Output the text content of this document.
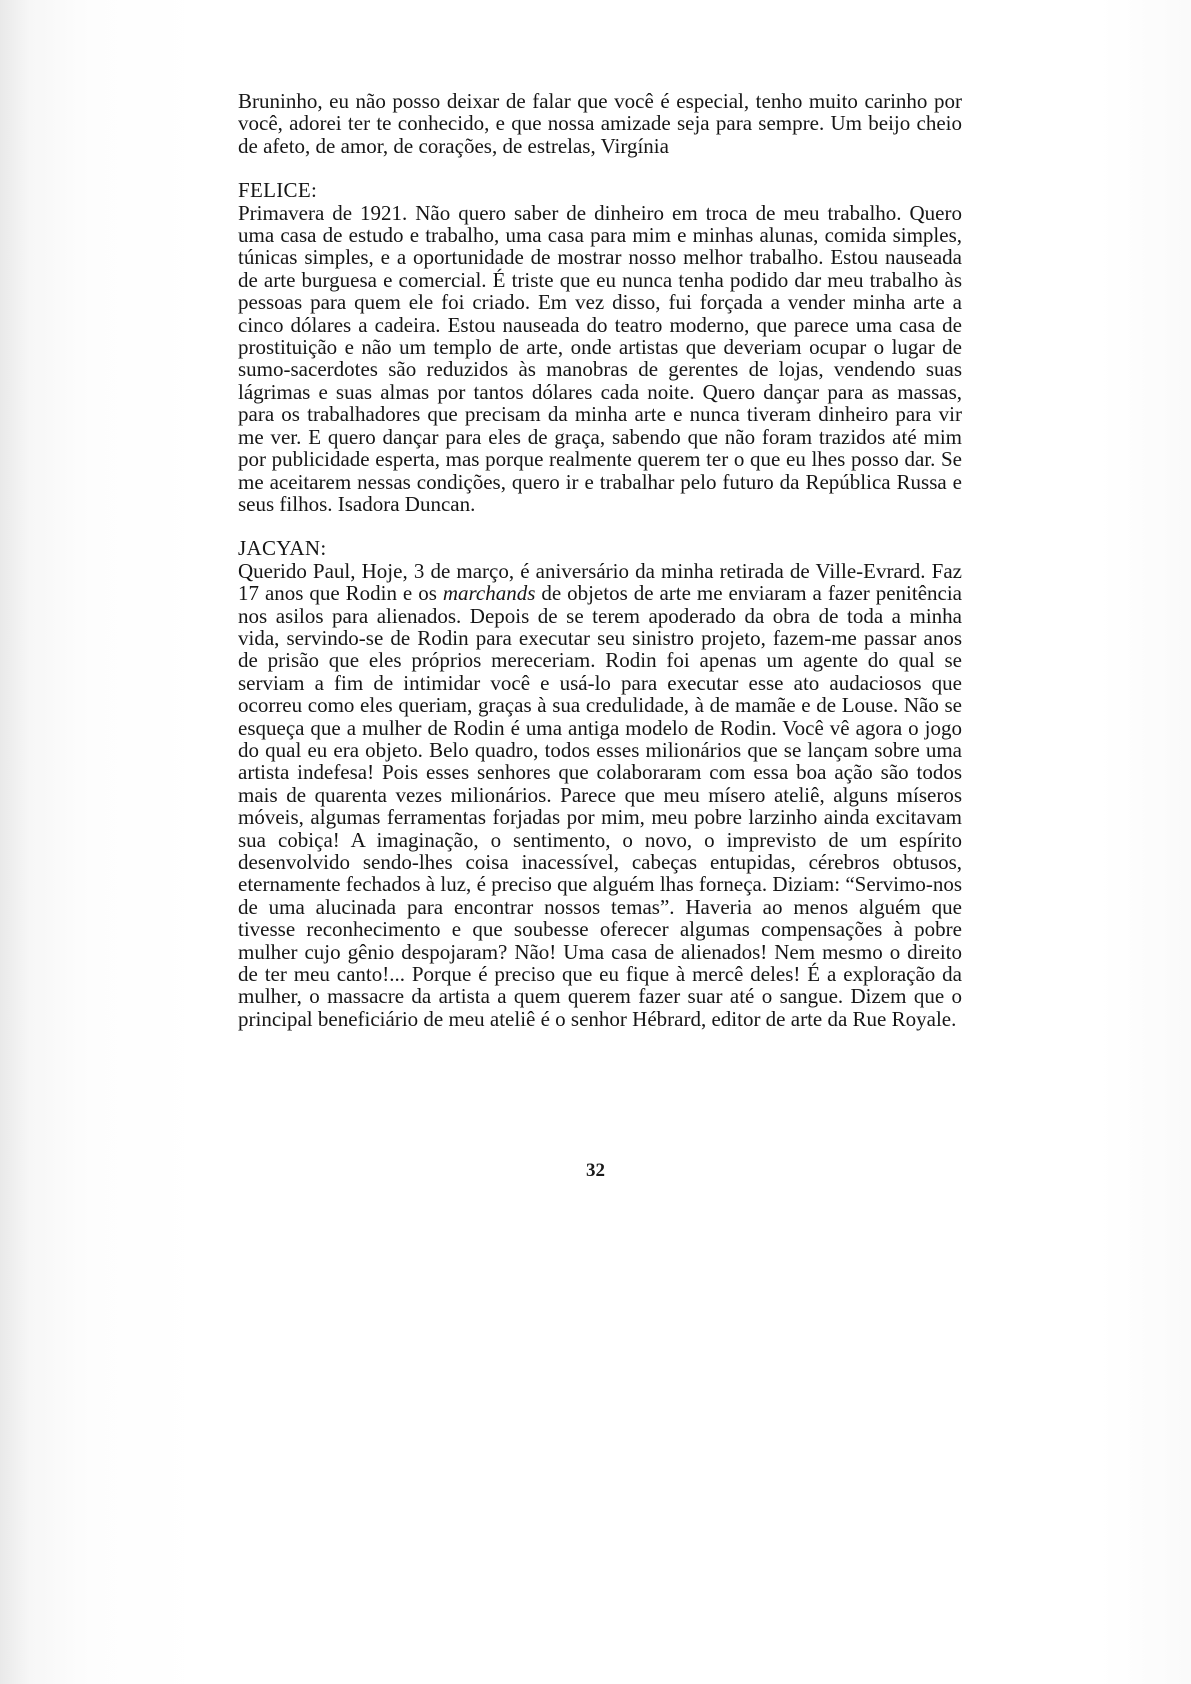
Bruninho, eu não posso deixar de falar que você é especial, tenho muito carinho por você, adorei ter te conhecido, e que nossa amizade seja para sempre. Um beijo cheio de afeto, de amor, de corações, de estrelas, Virgínia

FELICE:

Primavera de 1921. Não quero saber de dinheiro em troca de meu trabalho. Quero uma casa de estudo e trabalho, uma casa para mim e minhas alunas, comida simples, túnicas simples, e a oportunidade de mostrar nosso melhor trabalho. Estou nauseada de arte burguesa e comercial. É triste que eu nunca tenha podido dar meu trabalho às pessoas para quem ele foi criado. Em vez disso, fui forçada a vender minha arte a cinco dólares a cadeira. Estou nauseada do teatro moderno, que parece uma casa de prostituição e não um templo de arte, onde artistas que deveriam ocupar o lugar de sumo-sacerdotes são reduzidos às manobras de gerentes de lojas, vendendo suas lágrimas e suas almas por tantos dólares cada noite. Quero dançar para as massas, para os trabalhadores que precisam da minha arte e nunca tiveram dinheiro para vir me ver. E quero dançar para eles de graça, sabendo que não foram trazidos até mim por publicidade esperta, mas porque realmente querem ter o que eu lhes posso dar. Se me aceitarem nessas condições, quero ir e trabalhar pelo futuro da República Russa e seus filhos. Isadora Duncan.

JACYAN:

Querido Paul, Hoje, 3 de março, é aniversário da minha retirada de Ville-Evrard. Faz 17 anos que Rodin e os marchands de objetos de arte me enviaram a fazer penitência nos asilos para alienados. Depois de se terem apoderado da obra de toda a minha vida, servindo-se de Rodin para executar seu sinistro projeto, fazem-me passar anos de prisão que eles próprios mereceriam. Rodin foi apenas um agente do qual se serviam a fim de intimidar você e usá-lo para executar esse ato audaciosos que ocorreu como eles queriam, graças à sua credulidade, à de mamãe e de Louse. Não se esqueça que a mulher de Rodin é uma antiga modelo de Rodin. Você vê agora o jogo do qual eu era objeto. Belo quadro, todos esses milionários que se lançam sobre uma artista indefesa! Pois esses senhores que colaboraram com essa boa ação são todos mais de quarenta vezes milionários. Parece que meu mísero ateliê, alguns míseros móveis, algumas ferramentas forjadas por mim, meu pobre larzinho ainda excitavam sua cobiça! A imaginação, o sentimento, o novo, o imprevisto de um espírito desenvolvido sendo-lhes coisa inacessível, cabeças entupidas, cérebros obtusos, eternamente fechados à luz, é preciso que alguém lhas forneça. Diziam: “Servimo-nos de uma alucinada para encontrar nossos temas”. Haveria ao menos alguém que tivesse reconhecimento e que soubesse oferecer algumas compensações à pobre mulher cujo gênio despojaram? Não! Uma casa de alienados! Nem mesmo o direito de ter meu canto!... Porque é preciso que eu fique à mercê deles! É a exploração da mulher, o massacre da artista a quem querem fazer suar até o sangue. Dizem que o principal beneficiário de meu ateliê é o senhor Hébrard, editor de arte da Rue Royale.

32
